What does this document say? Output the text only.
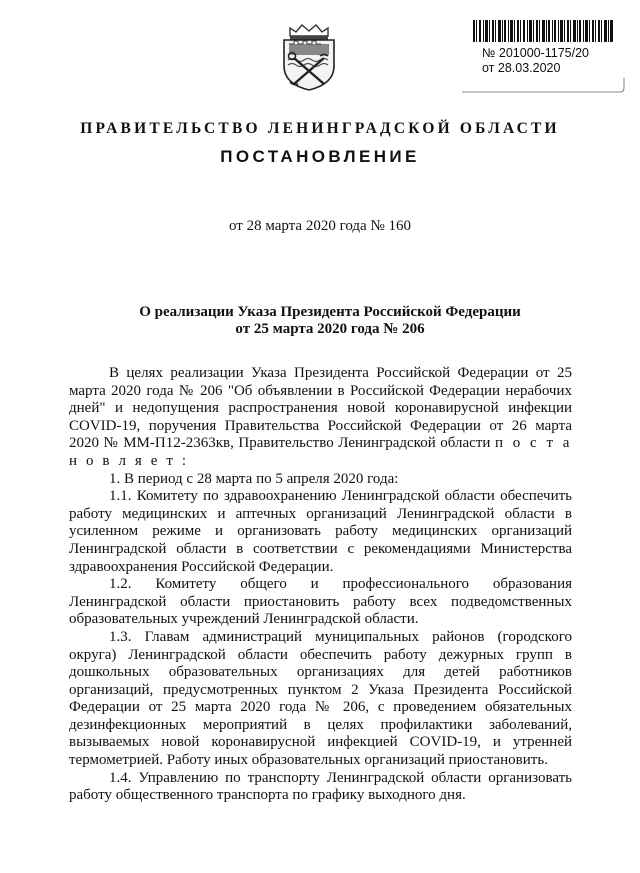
№ 201000-1175/20
от 28.03.2020
ПРАВИТЕЛЬСТВО ЛЕНИНГРАДСКОЙ ОБЛАСТИ
ПОСТАНОВЛЕНИЕ
от 28 марта 2020 года № 160
О реализации Указа Президента Российской Федерации
от 25 марта 2020 года № 206

В целях реализации Указа Президента Российской Федерации от 25 марта 2020 года № 206 "Об объявлении в Российской Федерации нерабочих дней" и недопущения распространения новой коронавирусной инфекции COVID-19, поручения Правительства Российской Федерации от 26 марта 2020 № ММ-П12-2363кв, Правительство Ленинградской области п о с т а н о в л я е т :

1. В период с 28 марта по 5 апреля 2020 года:

1.1. Комитету по здравоохранению Ленинградской области обеспечить работу медицинских и аптечных организаций Ленинградской области в усиленном режиме и организовать работу медицинских организаций Ленинградской области в соответствии с рекомендациями Министерства здравоохранения Российской Федерации.

1.2. Комитету общего и профессионального образования Ленинградской области приостановить работу всех подведомственных образовательных учреждений Ленинградской области.

1.3. Главам администраций муниципальных районов (городского округа) Ленинградской области обеспечить работу дежурных групп в дошкольных образовательных организациях для детей работников организаций, предусмотренных пунктом 2 Указа Президента Российской Федерации от 25 марта 2020 года № 206, с проведением обязательных дезинфекционных мероприятий в целях профилактики заболеваний, вызываемых новой коронавирусной инфекцией COVID-19, и утренней термометрией. Работу иных образовательных организаций приостановить.

1.4. Управлению по транспорту Ленинградской области организовать работу общественного транспорта по графику выходного дня.
